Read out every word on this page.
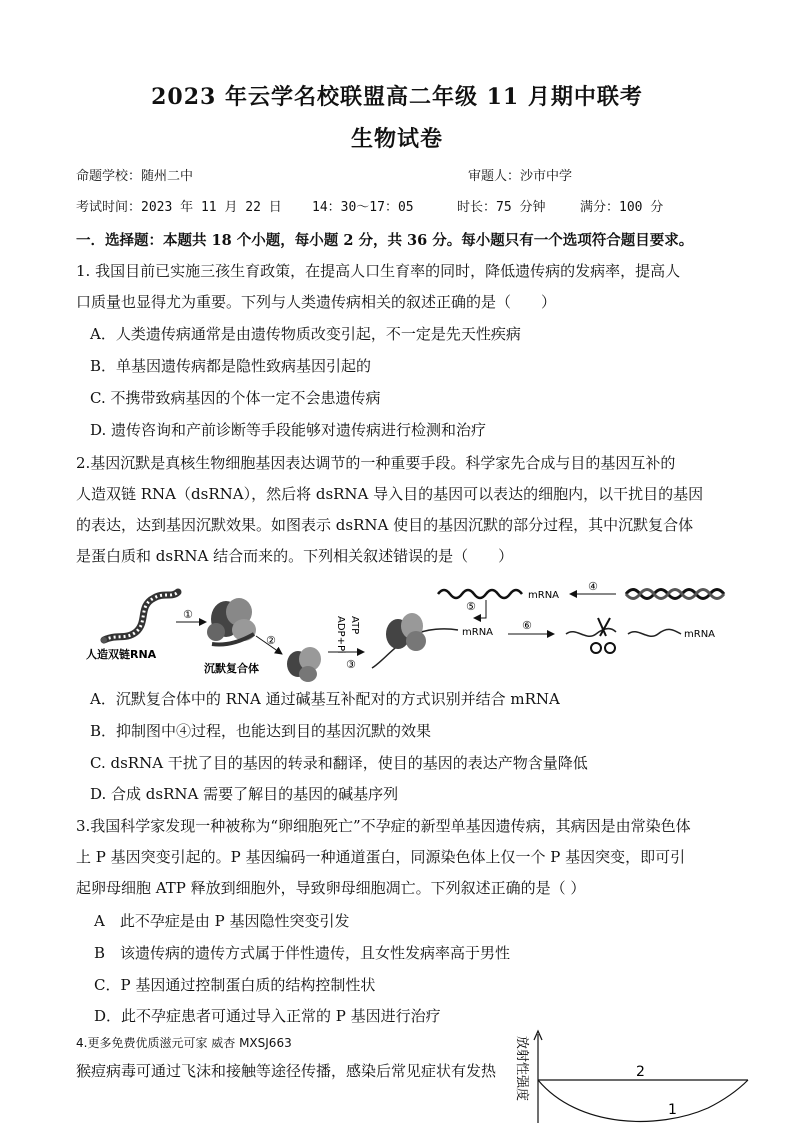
2023 年云学名校联盟高二年级 11 月期中联考
生物试卷
命题学校：随州二中	审题人：沙市中学
考试时间：2023 年 11 月 22 日 14：30～17：05	时长：75 分钟	满分：100 分
一．选择题：本题共 18 个小题，每小题 2 分，共 36 分。每小题只有一个选项符合题目要求。
1. 我国目前已实施三孩生育政策，在提高人口生育率的同时，降低遗传病的发病率，提高人
口质量也显得尤为重要。下列与人类遗传病相关的叙述正确的是（　　）
A．人类遗传病通常是由遗传物质改变引起，不一定是先天性疾病
B．单基因遗传病都是隐性致病基因引起的
C. 不携带致病基因的个体一定不会患遗传病
D. 遗传咨询和产前诊断等手段能够对遗传病进行检测和治疗
2.基因沉默是真核生物细胞基因表达调节的一种重要手段。科学家先合成与目的基因互补的
人造双链 RNA（dsRNA），然后将 dsRNA 导入目的基因可以表达的细胞内，以干扰目的基因
的表达，达到基因沉默效果。如图表示 dsRNA 使目的基因沉默的部分过程，其中沉默复合体
是蛋白质和 dsRNA 结合而来的。下列相关叙述错误的是（　　）
人造双链RNA
①
沉默复合体
②
ATP
ADP+Pi
③
mRNA
⑥
mRNA
mRNA
④
⑤
A．沉默复合体中的 RNA 通过碱基互补配对的方式识别并结合 mRNA
B．抑制图中④过程，也能达到目的基因沉默的效果
C. dsRNA 干扰了目的基因的转录和翻译，使目的基因的表达产物含量降低
D. 合成 dsRNA 需要了解目的基因的碱基序列
3.我国科学家发现一种被称为“卵细胞死亡”不孕症的新型单基因遗传病，其病因是由常染色体
上 P 基因突变引起的。P 基因编码一种通道蛋白，同源染色体上仅一个 P 基因突变，即可引
起卵母细胞 ATP 释放到细胞外，导致卵母细胞凋亡。下列叙述正确的是（ ）
A　此不孕症是由 P 基因隐性突变引发
B　该遗传病的遗传方式属于伴性遗传，且女性发病率高于男性
C．P 基因通过控制蛋白质的结构控制性状
D．此不孕症患者可通过导入正常的 P 基因进行治疗
4.更多免费优质滋元可家 威杏 MXSJ663
猴痘病毒可通过飞沫和接触等途径传播，感染后常见症状有发热 放射性强度	2
1
